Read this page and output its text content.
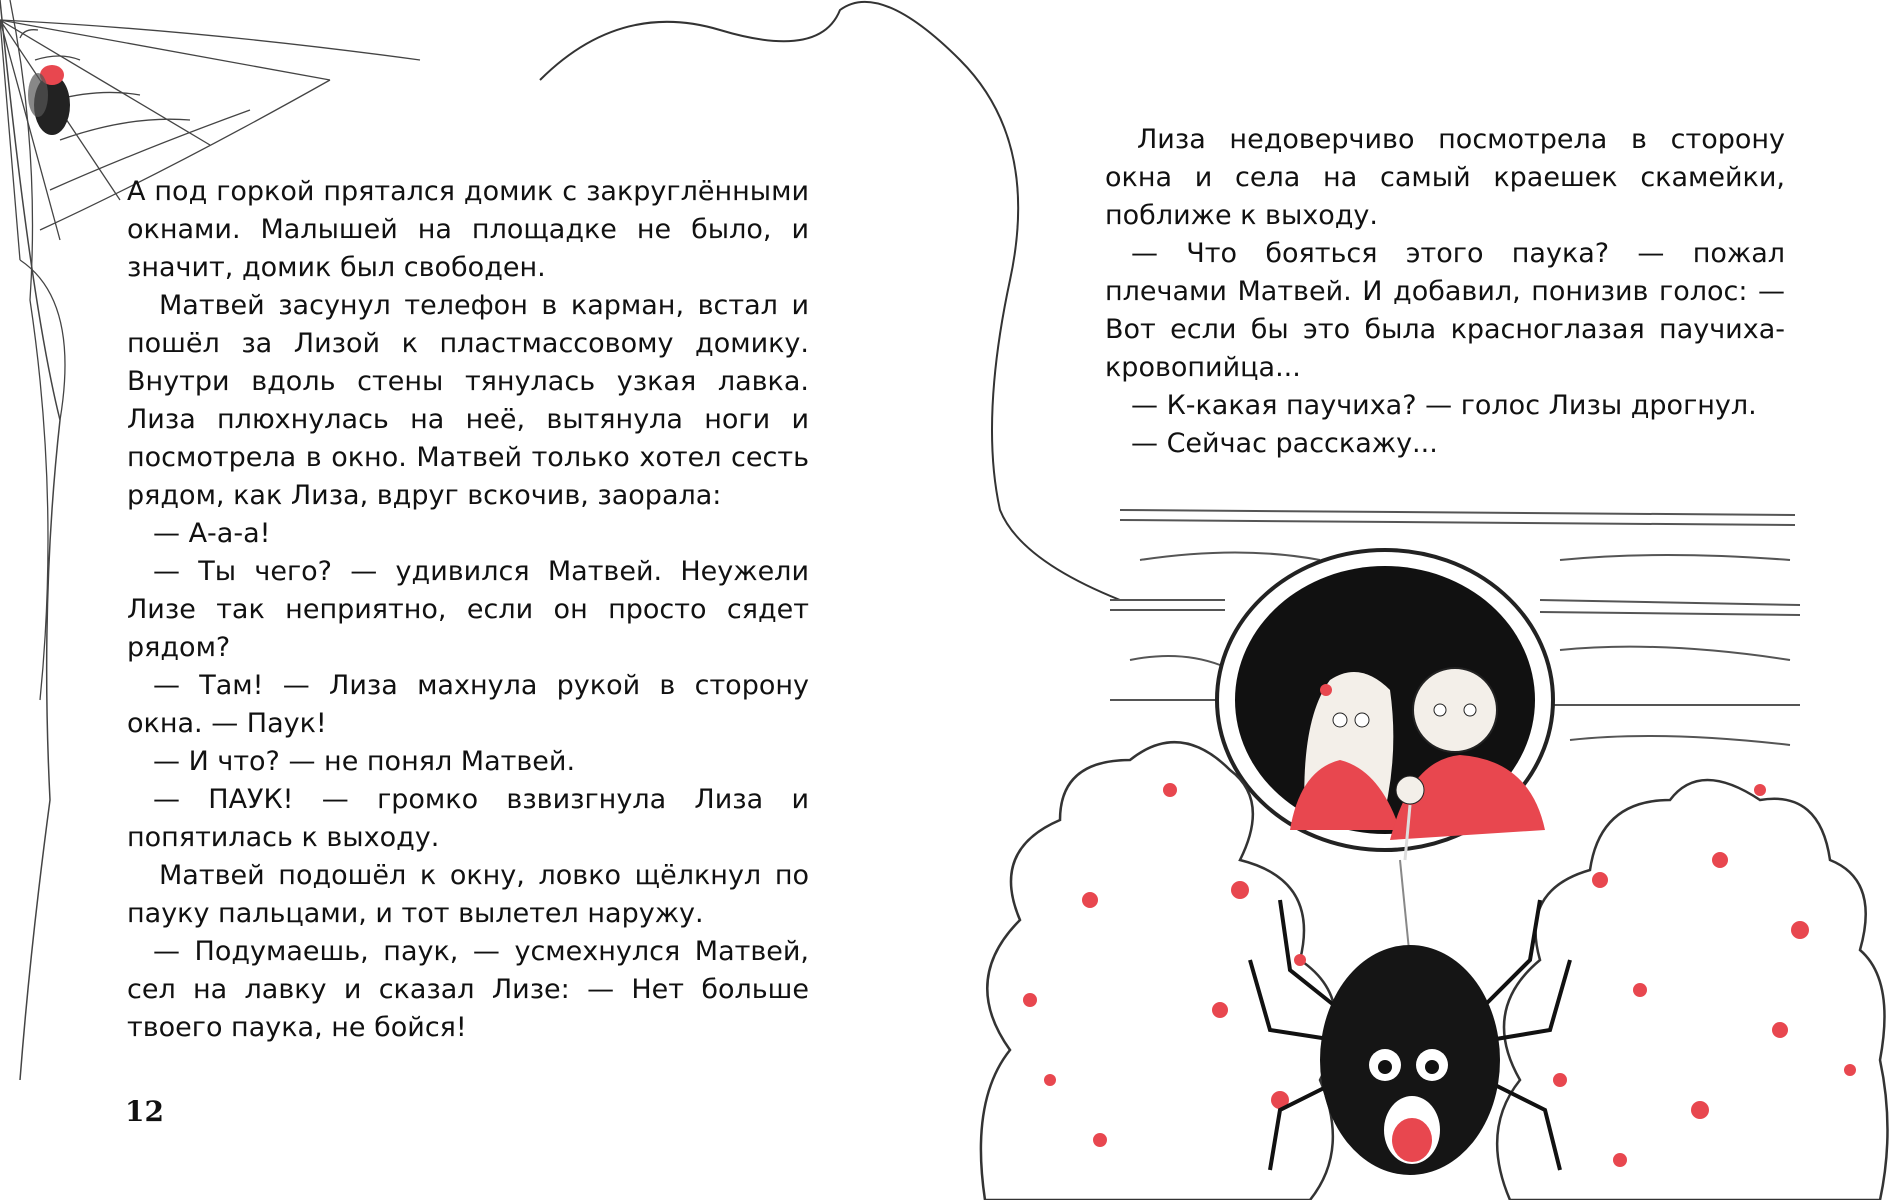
А под горкой прятался домик с закруглёнными окнами. Малышей на площадке не было, и значит, домик был свободен.

Матвей засунул телефон в карман, встал и пошёл за Лизой к пластмассовому домику. Внутри вдоль стены тянулась узкая лавка. Лиза плюхнулась на неё, вытянула ноги и посмотрела в окно. Матвей только хотел сесть рядом, как Лиза, вдруг вскочив, заорала:

— А-а-а!

— Ты чего? — удивился Матвей. Неужели Лизе так неприятно, если он просто сядет рядом?

— Там! — Лиза махнула рукой в сторону окна. — Паук!

— И что? — не понял Матвей.

— ПАУК! — громко взвизгнула Лиза и попятилась к выходу.

Матвей подошёл к окну, ловко щёлкнул по пауку пальцами, и тот вылетел наружу.

— Подумаешь, паук, — усмехнулся Матвей, сел на лавку и сказал Лизе: — Нет больше твоего паука, не бойся!

Лиза недоверчиво посмотрела в сторону окна и села на самый краешек скамейки, поближе к выходу.

— Что бояться этого паука? — пожал плечами Матвей. И добавил, понизив голос: — Вот если бы это была красноглазая паучиха-кровопийца...

— К-какая паучиха? — голос Лизы дрогнул.

— Сейчас расскажу...

12
